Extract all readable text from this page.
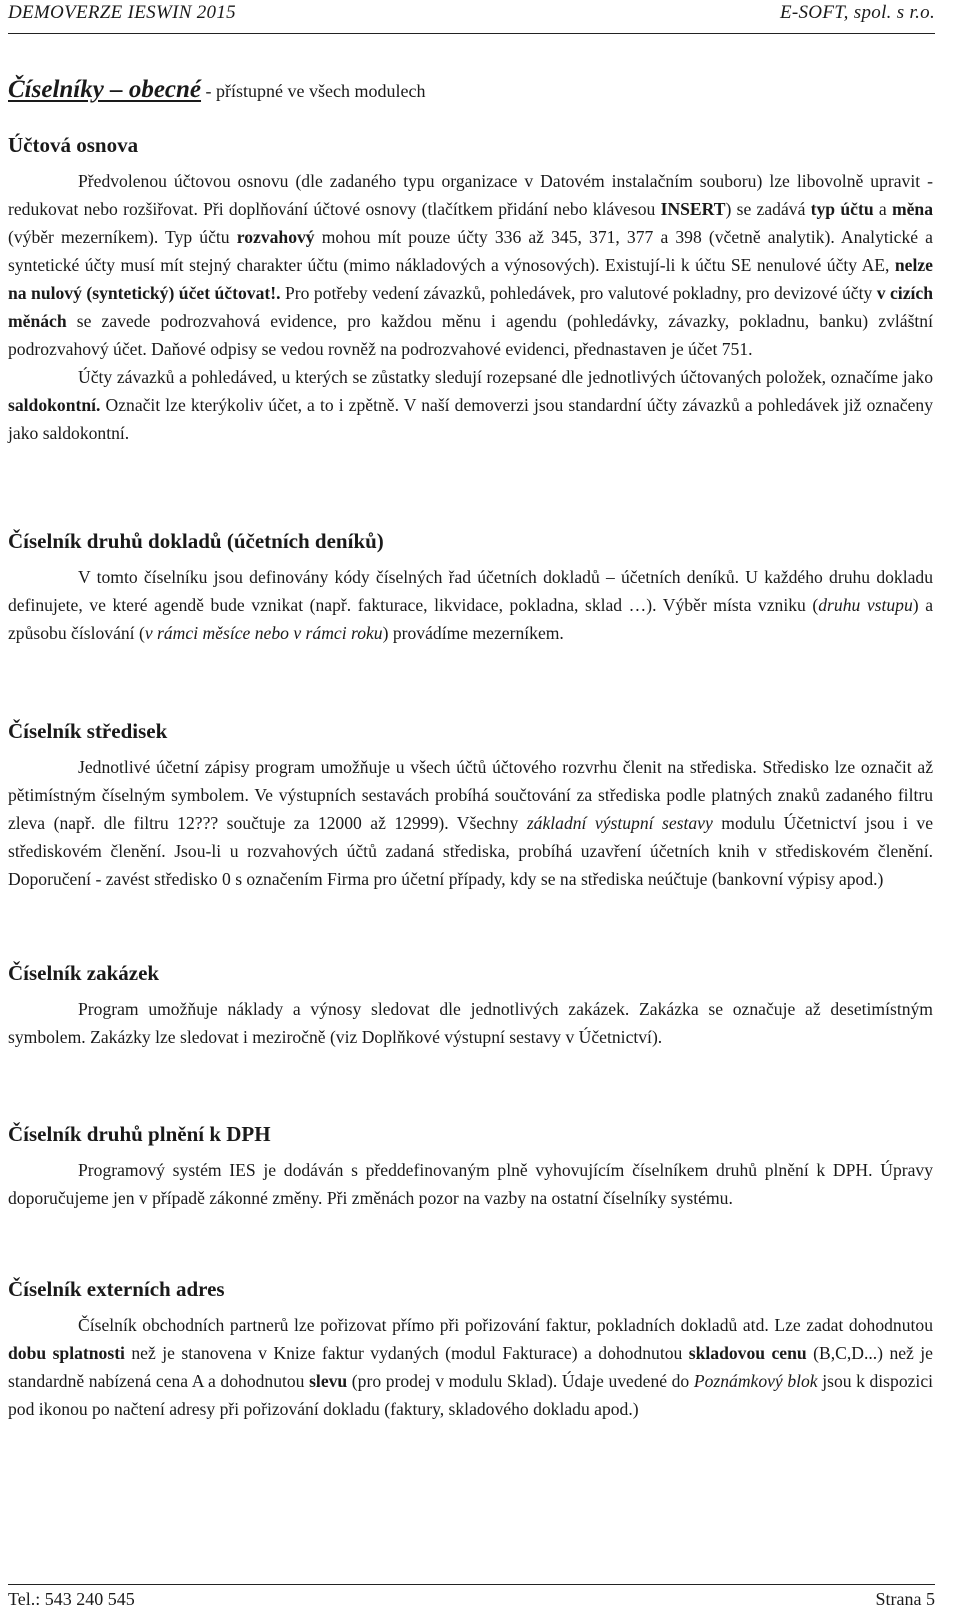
DEMOVERZE IESWIN 2015	E-SOFT, spol. s r.o.
Číselníky – obecné - přístupné ve všech modulech
Účtová osnova

Předvolenou účtovou osnovu (dle zadaného typu organizace v Datovém instalačním souboru) lze libovolně upravit - redukovat nebo rozšiřovat. Při doplňování účtové osnovy (tlačítkem přidání nebo klávesou INSERT) se zadává typ účtu a měna (výběr mezerníkem). Typ účtu rozvahový mohou mít pouze účty 336 až 345, 371, 377 a 398 (včetně analytik). Analytické a syntetické účty musí mít stejný charakter účtu (mimo nákladových a výnosových). Existují-li k účtu SE nenulové účty AE, nelze na nulový (syntetický) účet účtovat!. Pro potřeby vedení závazků, pohledávek, pro valutové pokladny, pro devizové účty v cizích měnách se zavede podrozvahová evidence, pro každou měnu i agendu (pohledávky, závazky, pokladnu, banku) zvláštní podrozvahový účet. Daňové odpisy se vedou rovněž na podrozvahové evidenci, přednastaven je účet 751.

Účty závazků a pohledáved, u kterých se zůstatky sledují rozepsané dle jednotlivých účtovaných položek, označíme jako saldokontní. Označit lze kterýkoliv účet, a to i zpětně. V naší demoverzi jsou standardní účty závazků a pohledávek již označeny jako saldokontní.

Číselník druhů dokladů (účetních deníků)

V tomto číselníku jsou definovány kódy číselných řad účetních dokladů – účetních deníků. U každého druhu dokladu definujete, ve které agendě bude vznikat (např. fakturace, likvidace, pokladna, sklad …). Výběr místa vzniku (druhu vstupu) a způsobu číslování (v rámci měsíce nebo v rámci roku) provádíme mezerníkem.

Číselník středisek

Jednotlivé účetní zápisy program umožňuje u všech účtů účtového rozvrhu členit na střediska. Středisko lze označit až pětimístným číselným symbolem. Ve výstupních sestavách probíhá součtování za střediska podle platných znaků zadaného filtru zleva (např. dle filtru 12??? součtuje za 12000 až 12999). Všechny základní výstupní sestavy modulu Účetnictví jsou i ve střediskovém členění. Jsou-li u rozvahových účtů zadaná střediska, probíhá uzavření účetních knih v střediskovém členění. Doporučení - zavést středisko 0 s označením Firma pro účetní případy, kdy se na střediska neúčtuje (bankovní výpisy apod.)

Číselník zakázek

Program umožňuje náklady a výnosy sledovat dle jednotlivých zakázek. Zakázka se označuje až desetimístným symbolem. Zakázky lze sledovat i meziročně (viz Doplňkové výstupní sestavy v Účetnictví).

Číselník druhů plnění k DPH

Programový systém IES je dodáván s předdefinovaným plně vyhovujícím číselníkem druhů plnění k DPH. Úpravy doporučujeme jen v případě zákonné změny. Při změnách pozor na vazby na ostatní číselníky systému.

Číselník externích adres

Číselník obchodních partnerů lze pořizovat přímo při pořizování faktur, pokladních dokladů atd. Lze zadat dohodnutou dobu splatnosti než je stanovena v Knize faktur vydaných (modul Fakturace) a dohodnutou skladovou cenu (B,C,D...) než je standardně nabízená cena A a dohodnutou slevu (pro prodej v modulu Sklad). Údaje uvedené do Poznámkový blok jsou k dispozici pod ikonou po načtení adresy při pořizování dokladu (faktury, skladového dokladu apod.)

Tel.: 543 240 545	Strana 5
